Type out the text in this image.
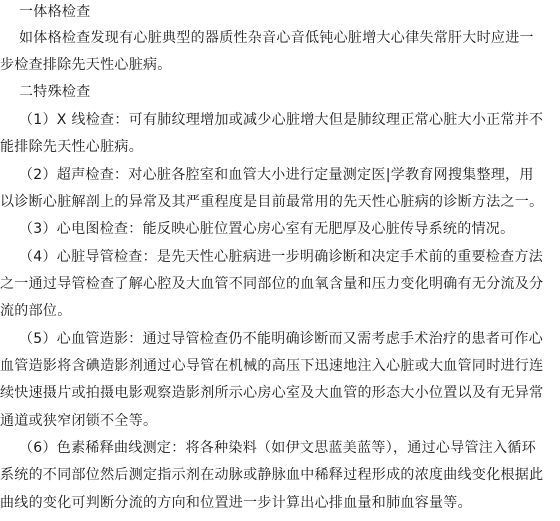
一体格检查
如体格检查发现有心脏典型的器质性杂音心音低钝心脏增大心律失常肝大时应进一
步检查排除先天性心脏病。
二特殊检查
（1）X 线检查：可有肺纹理增加或减少心脏增大但是肺纹理正常心脏大小正常并不
能排除先天性心脏病。
（2）超声检查：对心脏各腔室和血管大小进行定量测定医|学教育网搜集整理，用
以诊断心脏解剖上的异常及其严重程度是目前最常用的先天性心脏病的诊断方法之一。
（3）心电图检查：能反映心脏位置心房心室有无肥厚及心脏传导系统的情况。
（4）心脏导管检查：是先天性心脏病进一步明确诊断和决定手术前的重要检查方法
之一通过导管检查了解心腔及大血管不同部位的血氧含量和压力变化明确有无分流及分
流的部位。
（5）心血管造影：通过导管检查仍不能明确诊断而又需考虑手术治疗的患者可作心
血管造影将含碘造影剂通过心导管在机械的高压下迅速地注入心脏或大血管同时进行连
续快速摄片或拍摄电影观察造影剂所示心房心室及大血管的形态大小位置以及有无异常
通道或狭窄闭锁不全等。
（6）色素稀释曲线测定：将各种染料（如伊文思蓝美蓝等），通过心导管注入循环
系统的不同部位然后测定指示剂在动脉或静脉血中稀释过程形成的浓度曲线变化根据此
曲线的变化可判断分流的方向和位置进一步计算出心排血量和肺血容量等。
